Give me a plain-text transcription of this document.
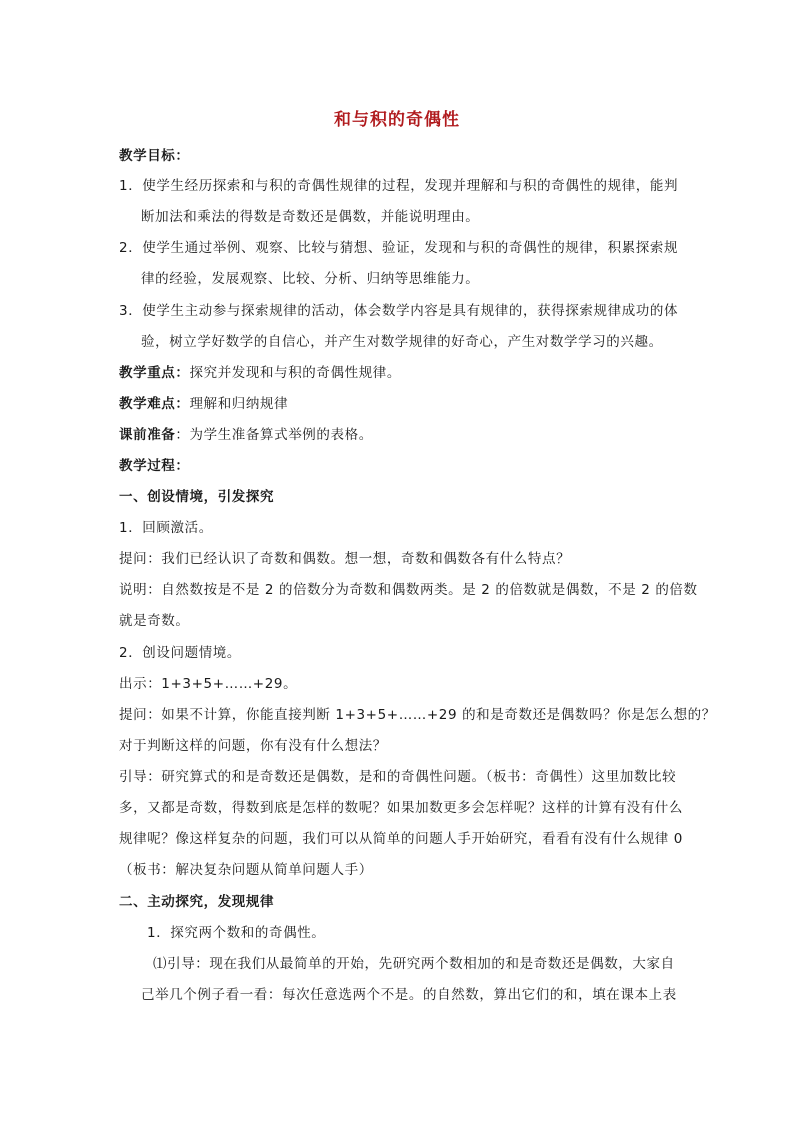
和与积的奇偶性
教学目标：
1．使学生经历探索和与积的奇偶性规律的过程，发现并理解和与积的奇偶性的规律，能判
断加法和乘法的得数是奇数还是偶数，并能说明理由。
2．使学生通过举例、观察、比较与猜想、验证，发现和与积的奇偶性的规律，积累探索规
律的经验，发展观察、比较、分析、归纳等思维能力。
3．使学生主动参与探索规律的活动，体会数学内容是具有规律的，获得探索规律成功的体
验，树立学好数学的自信心，并产生对数学规律的好奇心，产生对数学学习的兴趣。
教学重点：探究并发现和与积的奇偶性规律。
教学难点：理解和归纳规律
课前准备：为学生准备算式举例的表格。
教学过程：
一、创设情境，引发探究
1．回顾激活。
提问：我们已经认识了奇数和偶数。想一想，奇数和偶数各有什么特点？
说明：自然数按是不是 2 的倍数分为奇数和偶数两类。是 2 的倍数就是偶数，不是 2 的倍数
就是奇数。
2．创设问题情境。
出示：1+3+5+……+29。
提问：如果不计算，你能直接判断 1+3+5+……+29 的和是奇数还是偶数吗？你是怎么想的？
对于判断这样的问题，你有没有什么想法？
引导：研究算式的和是奇数还是偶数，是和的奇偶性问题。（板书：奇偶性）这里加数比较
多，又都是奇数，得数到底是怎样的数呢？如果加数更多会怎样呢？这样的计算有没有什么
规律呢？像这样复杂的问题，我们可以从简单的问题人手开始研究，看看有没有什么规律 0
（板书：解决复杂问题从简单问题人手）
二、主动探究，发现规律
1．探究两个数和的奇偶性。
⑴引导：现在我们从最简单的开始，先研究两个数相加的和是奇数还是偶数，大家自
己举几个例子看一看：每次任意选两个不是。的自然数，算出它们的和，填在课本上表
